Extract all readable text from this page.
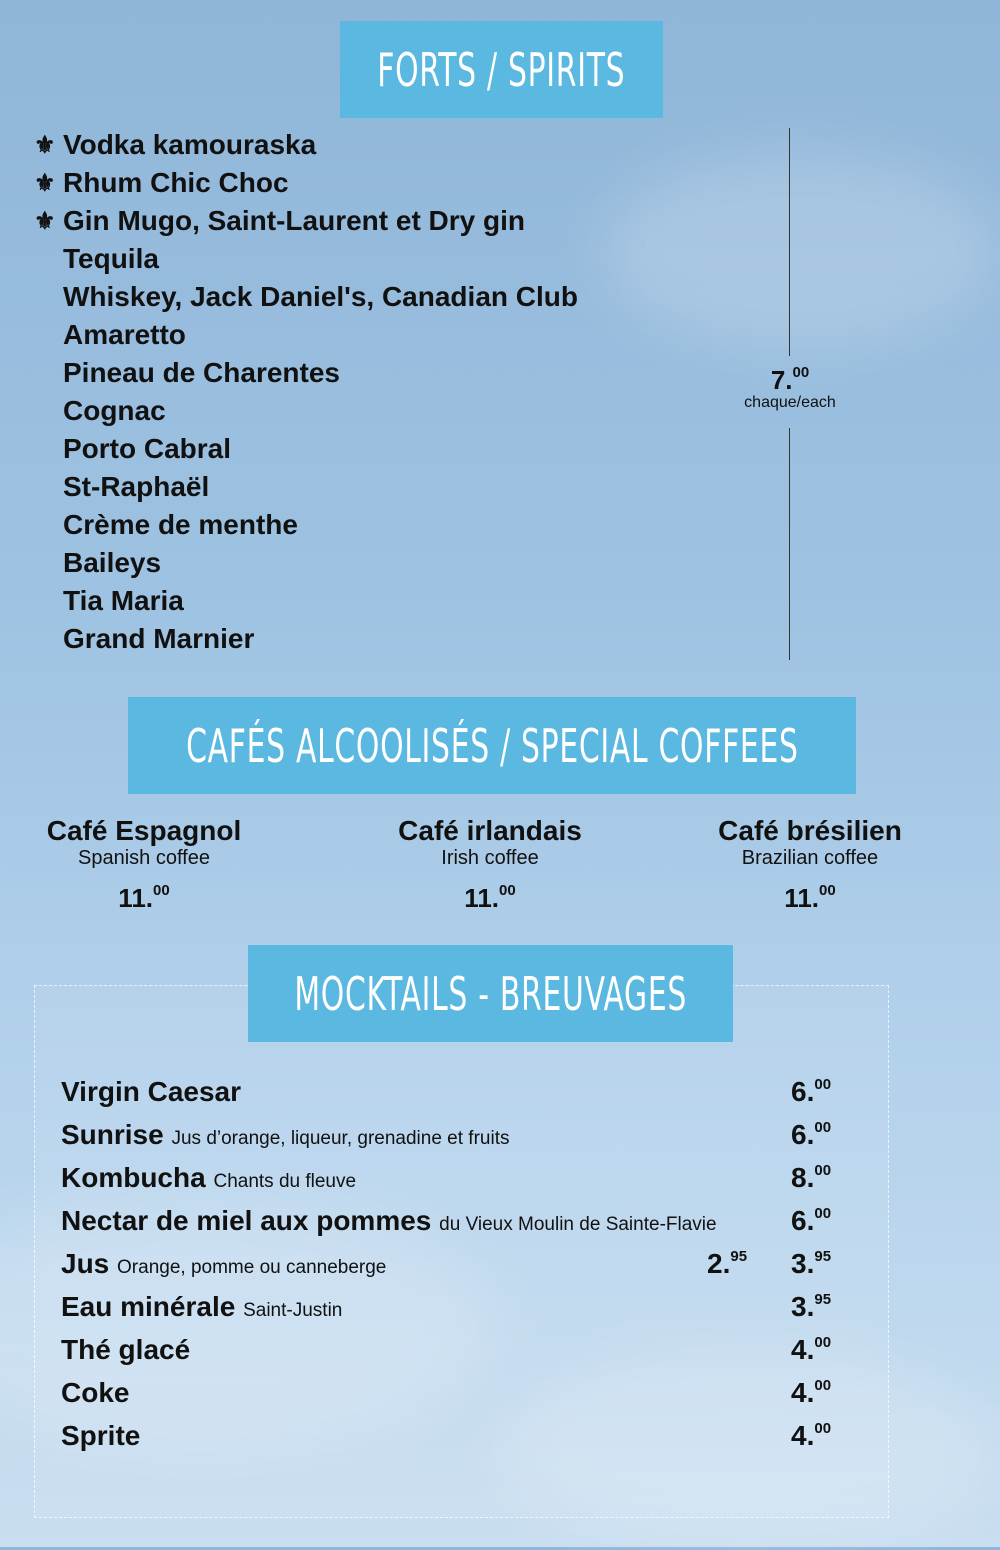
FORTS / SPIRITS
⚜ Vodka kamouraska
⚜ Rhum Chic Choc
⚜ Gin Mugo, Saint-Laurent et Dry gin
Tequila
Whiskey, Jack Daniel's, Canadian Club
Amaretto
Pineau de Charentes
Cognac
Porto Cabral
St-Raphaël
Crème de menthe
Baileys
Tia Maria
Grand Marnier
7.00
chaque/each
CAFÉS ALCOOLISÉS / SPECIAL COFFEES
Café Espagnol
Spanish coffee
11.00
Café irlandais
Irish coffee
11.00
Café brésilien
Brazilian coffee
11.00
MOCKTAILS - BREUVAGES
Virgin Caesar	6.00
Sunrise Jus d’orange, liqueur, grenadine et fruits	6.00
Kombucha Chants du fleuve	8.00
Nectar de miel aux pommes du Vieux Moulin de Sainte-Flavie	6.00
Jus Orange, pomme ou canneberge	2.95 3.95
Eau minérale Saint-Justin	3.95
Thé glacé	4.00
Coke	4.00
Sprite	4.00
